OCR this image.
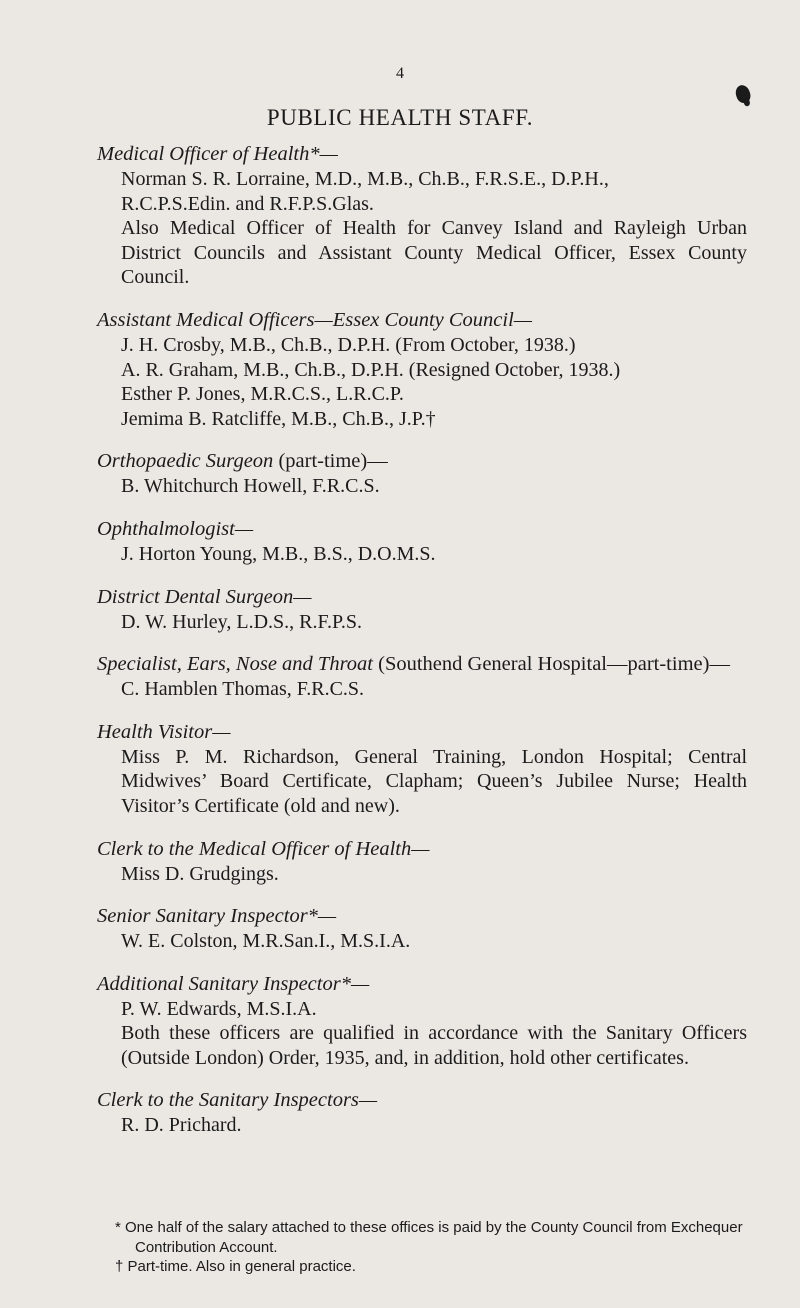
4
PUBLIC HEALTH STAFF.
Medical Officer of Health*—
Norman S. R. Lorraine, M.D., M.B., Ch.B., F.R.S.E., D.P.H.,
R.C.P.S.Edin. and R.F.P.S.Glas.
Also Medical Officer of Health for Canvey Island and Rayleigh Urban District Councils and Assistant County Medical Officer, Essex County Council.
Assistant Medical Officers—Essex County Council—
J. H. Crosby, M.B., Ch.B., D.P.H. (From October, 1938.)
A. R. Graham, M.B., Ch.B., D.P.H. (Resigned October, 1938.)
Esther P. Jones, M.R.C.S., L.R.C.P.
Jemima B. Ratcliffe, M.B., Ch.B., J.P.†
Orthopaedic Surgeon (part-time)—
B. Whitchurch Howell, F.R.C.S.
Ophthalmologist—
J. Horton Young, M.B., B.S., D.O.M.S.
District Dental Surgeon—
D. W. Hurley, L.D.S., R.F.P.S.
Specialist, Ears, Nose and Throat (Southend General Hospital—part-time)—
C. Hamblen Thomas, F.R.C.S.
Health Visitor—
Miss P. M. Richardson, General Training, London Hospital; Central Midwives’ Board Certificate, Clapham; Queen’s Jubilee Nurse; Health Visitor’s Certificate (old and new).
Clerk to the Medical Officer of Health—
Miss D. Grudgings.
Senior Sanitary Inspector*—
W. E. Colston, M.R.San.I., M.S.I.A.
Additional Sanitary Inspector*—
P. W. Edwards, M.S.I.A.
Both these officers are qualified in accordance with the Sanitary Officers (Outside London) Order, 1935, and, in addition, hold other certificates.
Clerk to the Sanitary Inspectors—
R. D. Prichard.
* One half of the salary attached to these offices is paid by the County Council from Exchequer Contribution Account.
† Part-time. Also in general practice.
